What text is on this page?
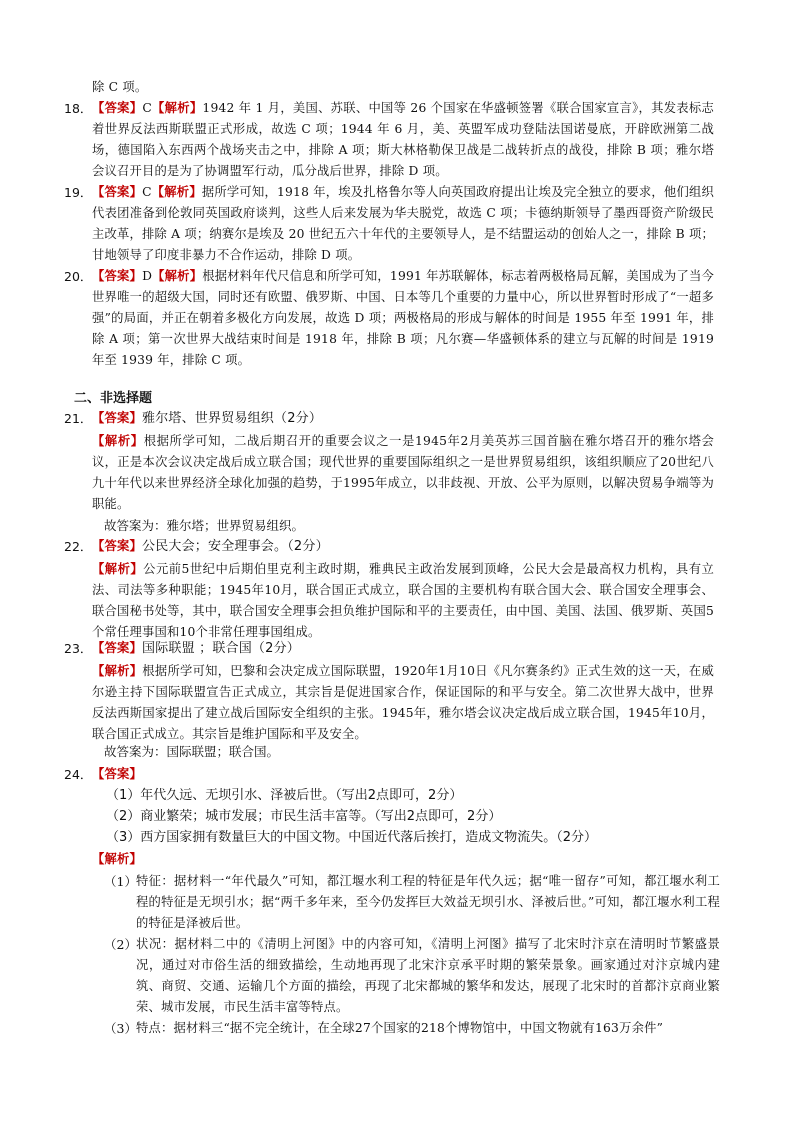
除 C 项。
18． 【答案】C【解析】1942 年 1 月，美国、苏联、中国等 26 个国家在华盛顿签署《联合国家宣言》，其发表标志着世界反法西斯联盟正式形成，故选 C 项；1944 年 6 月，美、英盟军成功登陆法国诺曼底，开辟欧洲第二战场，德国陷入东西两个战场夹击之中，排除 A 项；斯大林格勒保卫战是二战转折点的战役，排除 B 项；雅尔塔会议召开目的是为了协调盟军行动，瓜分战后世界，排除 D 项。
19． 【答案】C【解析】据所学可知，1918 年，埃及扎格鲁尔等人向英国政府提出让埃及完全独立的要求，他们组织代表团准备到伦敦同英国政府谈判，这些人后来发展为华夫脱党，故选 C 项；卡德纳斯领导了墨西哥资产阶级民主改革，排除 A 项；纳赛尔是埃及 20 世纪五六十年代的主要领导人，是不结盟运动的创始人之一，排除 B 项；甘地领导了印度非暴力不合作运动，排除 D 项。
20． 【答案】D【解析】根据材料年代尺信息和所学可知，1991 年苏联解体，标志着两极格局瓦解，美国成为了当今世界唯一的超级大国，同时还有欧盟、俄罗斯、中国、日本等几个重要的力量中心，所以世界暂时形成了“一超多强”的局面，并正在朝着多极化方向发展，故选 D 项；两极格局的形成与解体的时间是 1955 年至 1991 年，排除 A 项；第一次世界大战结束时间是 1918 年，排除 B 项；凡尔赛—华盛顿体系的建立与瓦解的时间是 1919 年至 1939 年，排除 C 项。
二、非选择题
21． 【答案】雅尔塔、世界贸易组织（2分）
【解析】根据所学可知，二战后期召开的重要会议之一是1945年2月美英苏三国首脑在雅尔塔召开的雅尔塔会议，正是本次会议决定战后成立联合国；现代世界的重要国际组织之一是世界贸易组织，该组织顺应了20世纪八九十年代以来世界经济全球化加强的趋势，于1995年成立，以非歧视、开放、公平为原则，以解决贸易争端等为职能。
故答案为：雅尔塔；世界贸易组织。
22． 【答案】公民大会；安全理事会。（2分）
【解析】公元前5世纪中后期伯里克利主政时期，雅典民主政治发展到顶峰，公民大会是最高权力机构，具有立法、司法等多种职能；1945年10月，联合国正式成立，联合国的主要机构有联合国大会、联合国安全理事会、联合国秘书处等，其中，联合国安全理事会担负维护国际和平的主要责任，由中国、美国、法国、俄罗斯、英国5个常任理事国和10个非常任理事国组成。
23． 【答案】国际联盟 ；联合国（2分）
【解析】根据所学可知，巴黎和会决定成立国际联盟，1920年1月10日《凡尔赛条约》正式生效的这一天，在威尔逊主持下国际联盟宣告正式成立，其宗旨是促进国家合作，保证国际的和平与安全。第二次世界大战中，世界反法西斯国家提出了建立战后国际安全组织的主张。1945年，雅尔塔会议决定战后成立联合国，1945年10月，联合国正式成立。其宗旨是维护国际和平及安全。
故答案为：国际联盟；联合国。
24． 【答案】
（1）年代久远、无坝引水、泽被后世。（写出2点即可，2分）
（2）商业繁荣；城市发展；市民生活丰富等。（写出2点即可，2分）
（3）西方国家拥有数量巨大的中国文物。中国近代落后挨打，造成文物流失。（2分）
【解析】
（1） 特征：据材料一“年代最久”可知，都江堰水利工程的特征是年代久远；据“唯一留存”可知，都江堰水利工程的特征是无坝引水；据“两千多年来，至今仍发挥巨大效益无坝引水、泽被后世。”可知，都江堰水利工程的特征是泽被后世。
（2） 状况：据材料二中的《清明上河图》中的内容可知，《清明上河图》描写了北宋时汴京在清明时节繁盛景况，通过对市俗生活的细致描绘，生动地再现了北宋汴京承平时期的繁荣景象。画家通过对汴京城内建筑、商贸、交通、运输几个方面的描绘，再现了北宋都城的繁华和发达，展现了北宋时的首都汴京商业繁荣、城市发展，市民生活丰富等特点。
（3） 特点：据材料三“据不完全统计，在全球27个国家的218个博物馆中，中国文物就有163万余件”
